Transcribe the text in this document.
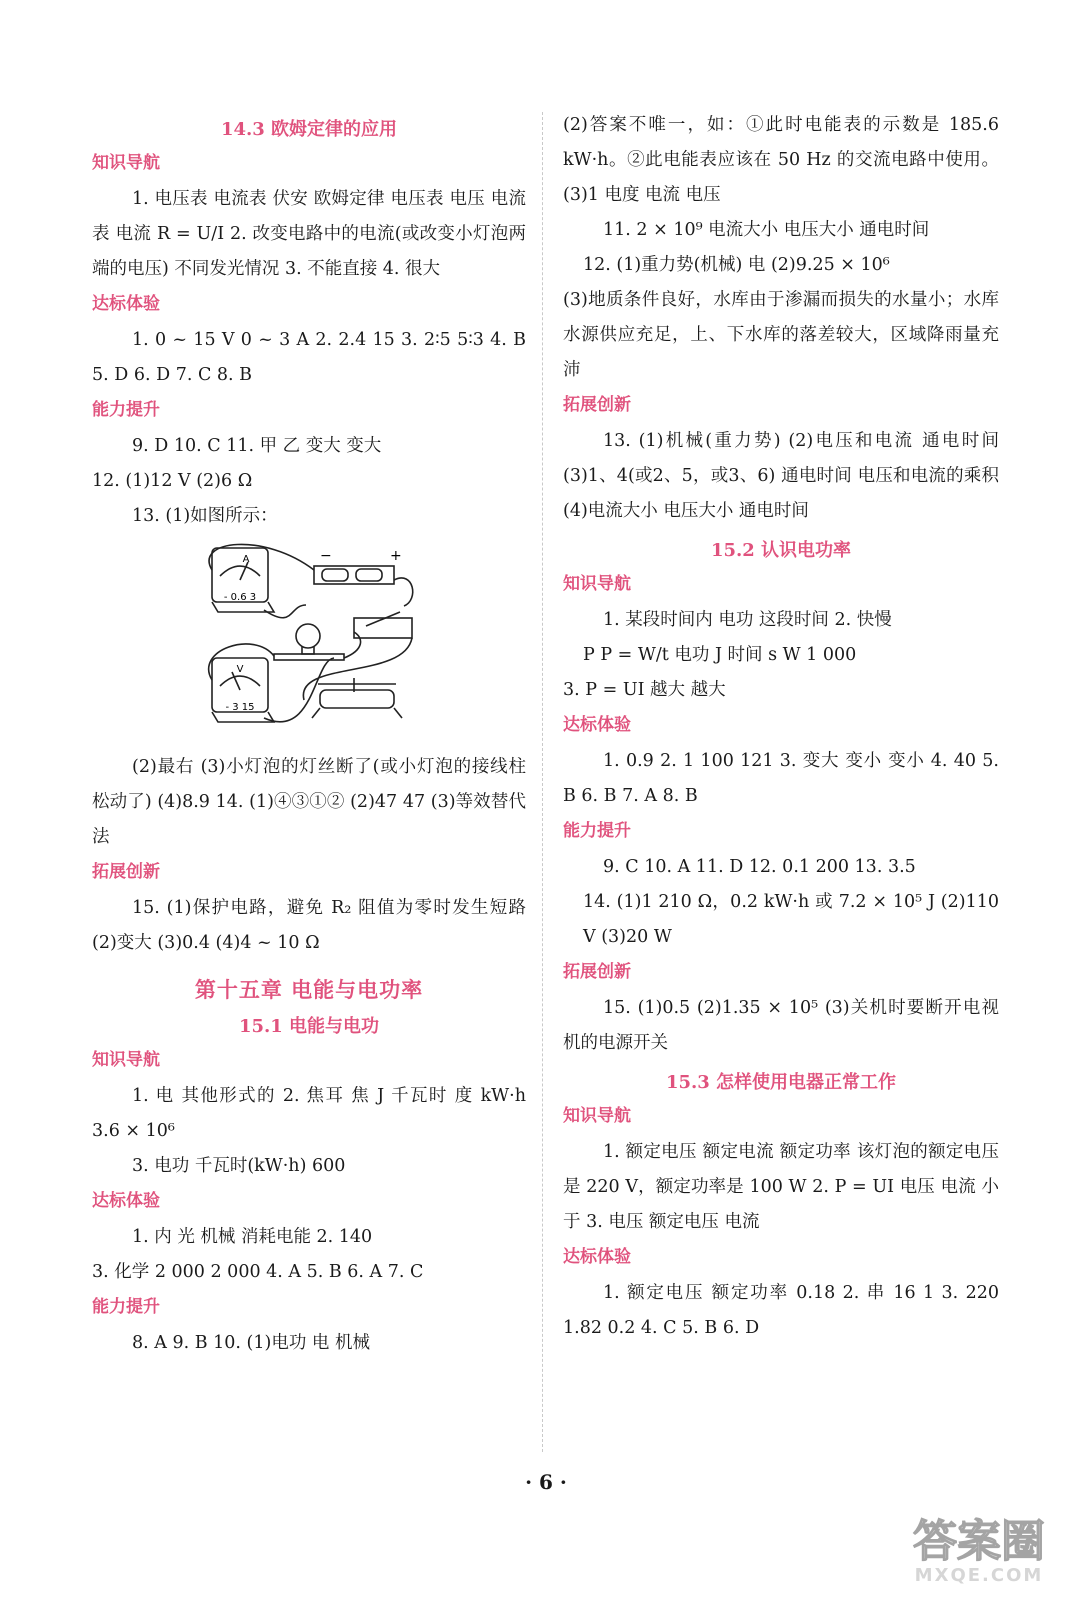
14.3 欧姆定律的应用
知识导航

1. 电压表 电流表 伏安 欧姆定律 电压表 电压 电流表 电流 R = U/I 2. 改变电路中的电流(或改变小灯泡两端的电压) 不同发光情况 3. 不能直接 4. 很大

达标体验

1. 0 ~ 15 V 0 ~ 3 A 2. 2.4 15 3. 2∶5 5∶3 4. B 5. D 6. D 7. C 8. B

能力提升

9. D 10. C 11. 甲 乙 变大 变大

12. (1)12 V (2)6 Ω

13. (1)如图所示：

A
- 0.6 3
V
- 3 15
−	+

(2)最右 (3)小灯泡的灯丝断了(或小灯泡的接线柱松动了) (4)8.9 14. (1)④③①② (2)47 47 (3)等效替代法

拓展创新

15. (1)保护电路，避免 R₂ 阻值为零时发生短路 (2)变大 (3)0.4 (4)4 ~ 10 Ω

第十五章 电能与电功率
15.1 电能与电功
知识导航

1. 电 其他形式的 2. 焦耳 焦 J 千瓦时 度 kW·h 3.6 × 10⁶

3. 电功 千瓦时(kW·h) 600

达标体验

1. 内 光 机械 消耗电能 2. 140

3. 化学 2 000 2 000 4. A 5. B 6. A 7. C

能力提升

8. A 9. B 10. (1)电功 电 机械

(2)答案不唯一，如：①此时电能表的示数是 185.6 kW·h。②此电能表应该在 50 Hz 的交流电路中使用。 (3)1 电度 电流 电压

11. 2 × 10⁹ 电流大小 电压大小 通电时间

12. (1)重力势(机械) 电 (2)9.25 × 10⁶

(3)地质条件良好，水库由于渗漏而损失的水量小；水库水源供应充足，上、下水库的落差较大，区域降雨量充沛

拓展创新

13. (1)机械(重力势) (2)电压和电流 通电时间 (3)1、4(或2、5，或3、6) 通电时间 电压和电流的乘积 (4)电流大小 电压大小 通电时间

15.2 认识电功率
知识导航

1. 某段时间内 电功 这段时间 2. 快慢

P P = W/t 电功 J 时间 s W 1 000

3. P = UI 越大 越大

达标体验

1. 0.9 2. 1 100 121 3. 变大 变小 变小 4. 40 5. B 6. B 7. A 8. B

能力提升

9. C 10. A 11. D 12. 0.1 200 13. 3.5

14. (1)1 210 Ω，0.2 kW·h 或 7.2 × 10⁵ J (2)110 V (3)20 W

拓展创新

15. (1)0.5 (2)1.35 × 10⁵ (3)关机时要断开电视机的电源开关

15.3 怎样使用电器正常工作
知识导航

1. 额定电压 额定电流 额定功率 该灯泡的额定电压是 220 V，额定功率是 100 W 2. P = UI 电压 电流 小于 3. 电压 额定电压 电流

达标体验

1. 额定电压 额定功率 0.18 2. 串 16 1 3. 220 1.82 0.2 4. C 5. B 6. D

· 6 ·
答案圈
MXQE.COM
